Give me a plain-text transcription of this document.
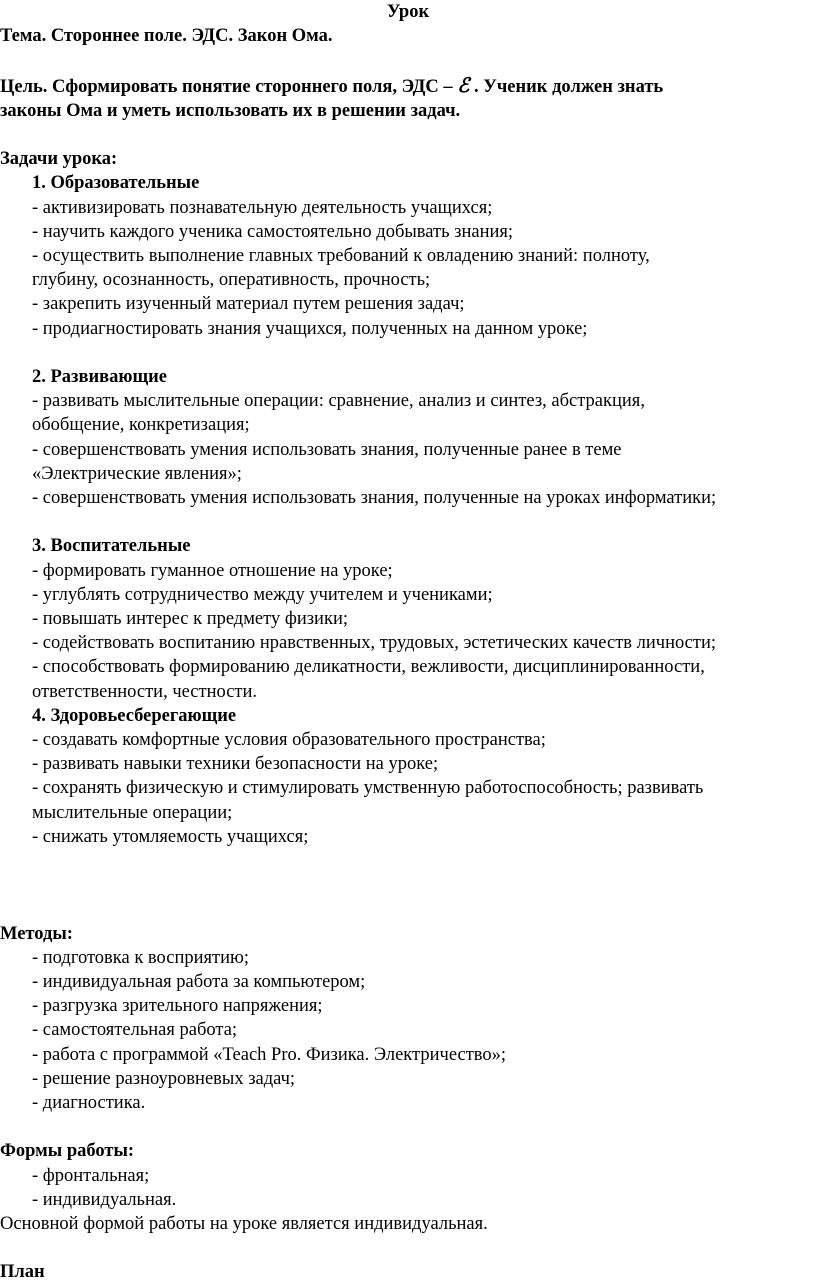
Урок

Тема. Стороннее поле. ЭДС. Закон Ома.

Цель. Сформировать понятие стороннего поля, ЭДС – ℰ . Ученик должен знать

законы Ома и уметь использовать их в решении задач.

Задачи урока:

1. Образовательные

- активизировать познавательную деятельность учащихся;

- научить каждого ученика самостоятельно добывать знания;

- осуществить выполнение главных требований к овладению знаний: полноту,

глубину, осознанность, оперативность, прочность;

- закрепить изученный материал путем решения задач;

- продиагностировать знания учащихся, полученных на данном уроке;

2. Развивающие

- развивать мыслительные операции: сравнение, анализ и синтез, абстракция,

обобщение, конкретизация;

- совершенствовать умения использовать знания, полученные ранее в теме

«Электрические явления»;

- совершенствовать умения использовать знания, полученные на уроках информатики;

3. Воспитательные

- формировать гуманное отношение на уроке;

- углублять сотрудничество между учителем и учениками;

- повышать интерес к предмету физики;

- содействовать воспитанию нравственных, трудовых, эстетических качеств личности;

- способствовать формированию деликатности, вежливости, дисциплинированности,

ответственности, честности.

4. Здоровьесберегающие

- создавать комфортные условия образовательного пространства;

- развивать навыки техники безопасности на уроке;

- сохранять физическую и стимулировать умственную работоспособность; развивать

мыслительные операции;

- снижать утомляемость учащихся;

Методы:

- подготовка к восприятию;

- индивидуальная работа за компьютером;

- разгрузка зрительного напряжения;

- самостоятельная работа;

- работа с программой «Teach Pro. Физика. Электричество»;

- решение разноуровневых задач;

- диагностика.

Формы работы:

- фронтальная;

- индивидуальная.

Основной формой работы на уроке является индивидуальная.

План
